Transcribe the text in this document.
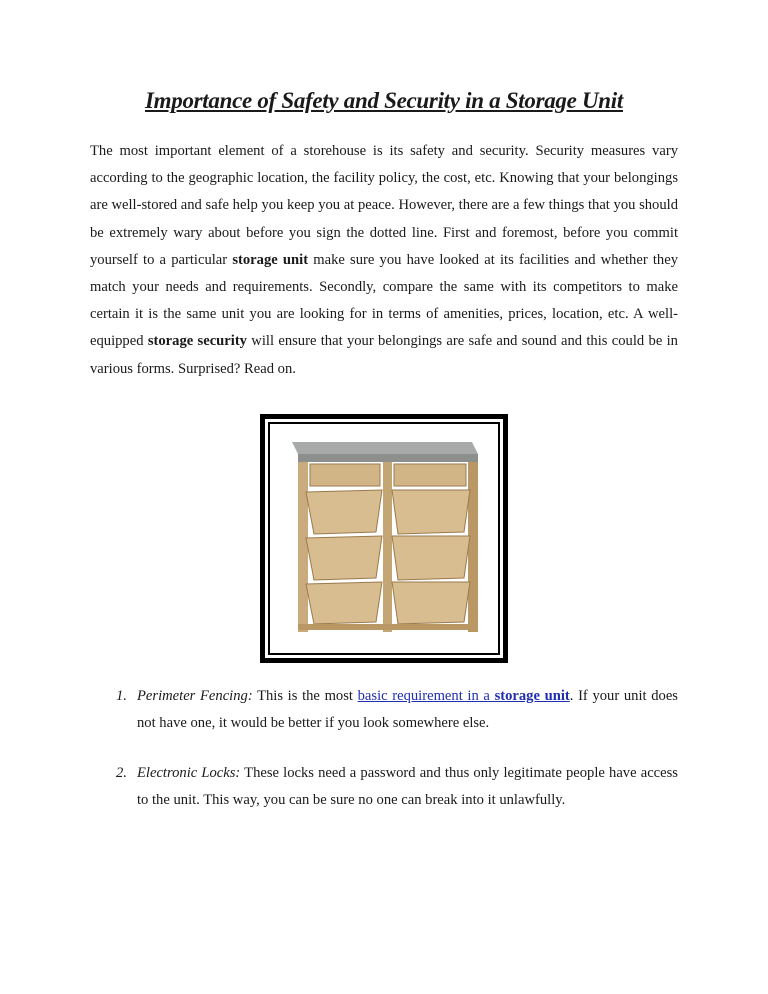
Importance of Safety and Security in a Storage Unit
The most important element of a storehouse is its safety and security. Security measures vary according to the geographic location, the facility policy, the cost, etc. Knowing that your belongings are well-stored and safe help you keep you at peace. However, there are a few things that you should be extremely wary about before you sign the dotted line. First and foremost, before you commit yourself to a particular storage unit make sure you have looked at its facilities and whether they match your needs and requirements. Secondly, compare the same with its competitors to make certain it is the same unit you are looking for in terms of amenities, prices, location, etc. A well-equipped storage security will ensure that your belongings are safe and sound and this could be in various forms. Surprised? Read on.
1. Perimeter Fencing: This is the most basic requirement in a storage unit. If your unit does not have one, it would be better if you look somewhere else.
2. Electronic Locks: These locks need a password and thus only legitimate people have access to the unit. This way, you can be sure no one can break into it unlawfully.
